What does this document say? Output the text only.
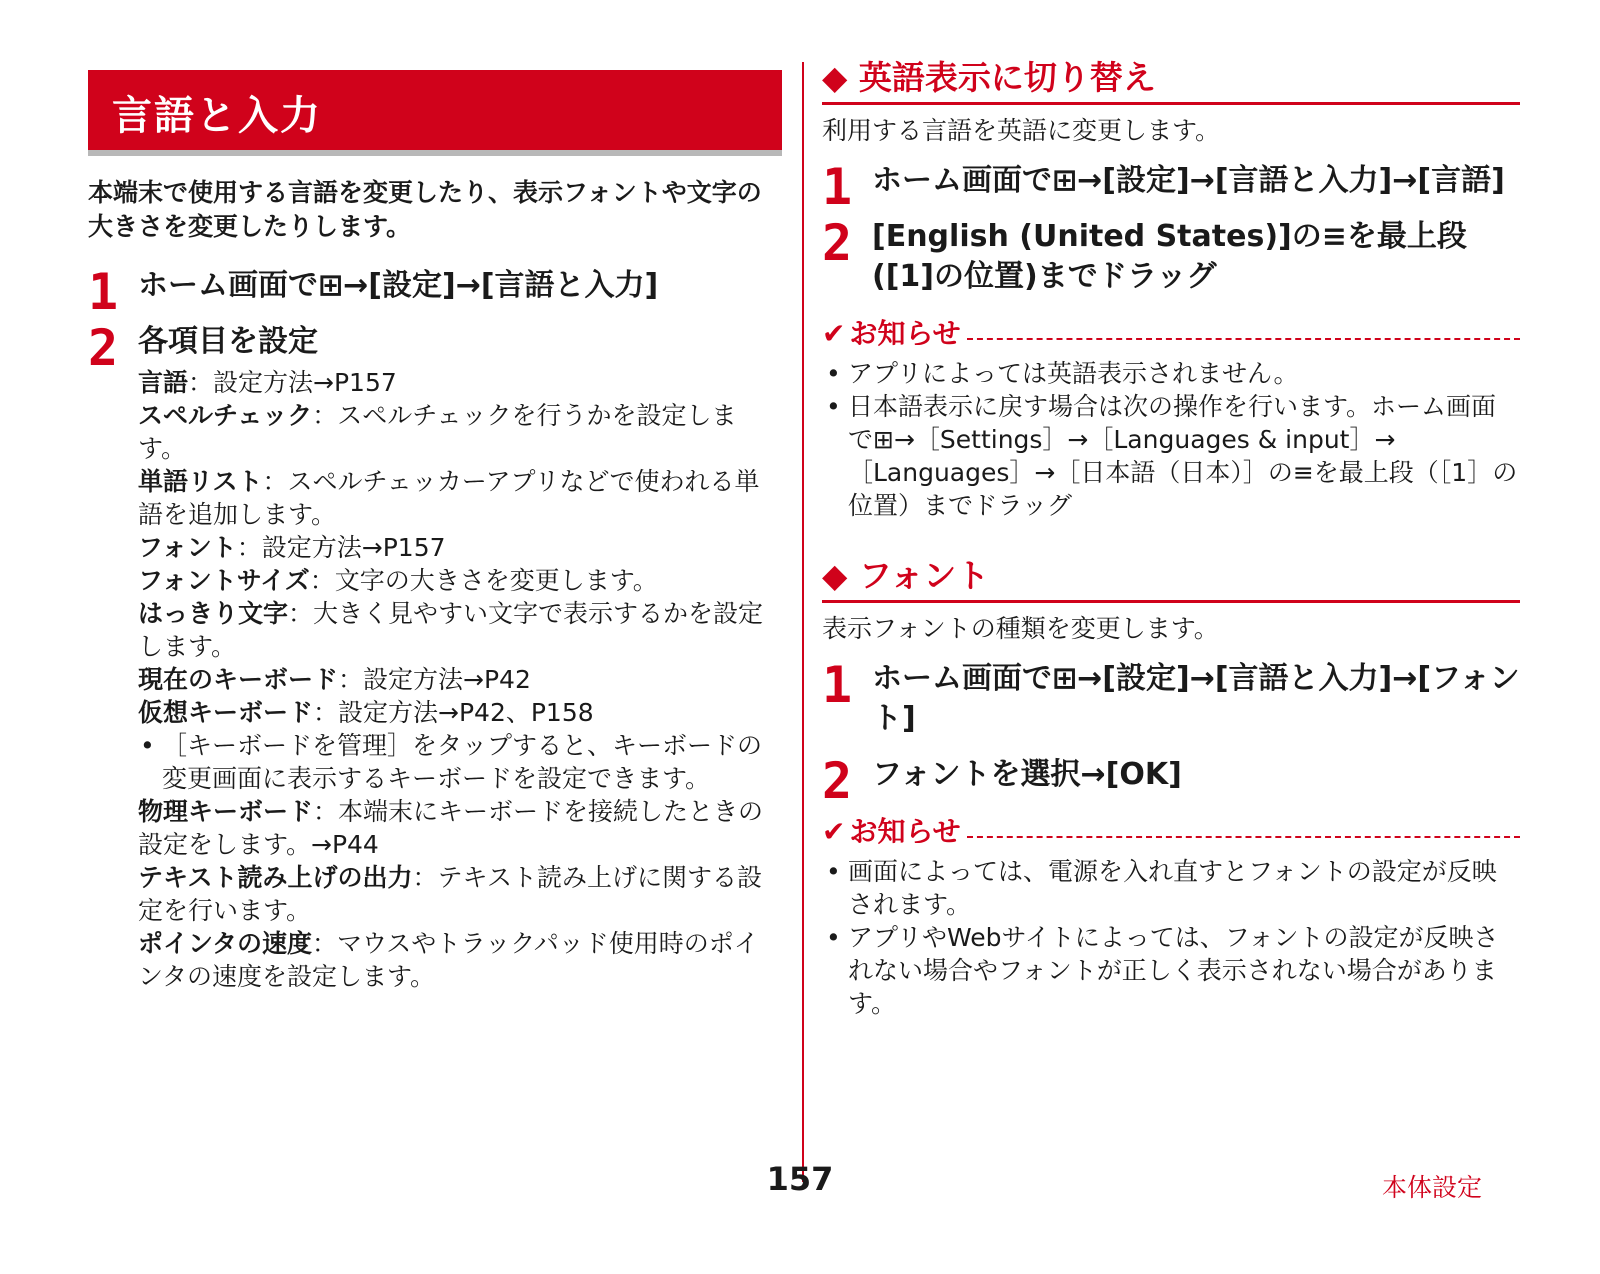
言語と入力
本端末で使用する言語を変更したり、表示フォントや文字の大きさを変更したりします。
1 ホーム画面で⊞→[設定]→[言語と入力]
2 各項目を設定

言語：設定方法→P157

スペルチェック：スペルチェックを行うかを設定します。

単語リスト：スペルチェッカーアプリなどで使われる単語を追加します。

フォント：設定方法→P157

フォントサイズ：文字の大きさを変更します。

はっきり文字：大きく見やすい文字で表示するかを設定します。

現在のキーボード：設定方法→P42

仮想キーボード：設定方法→P42、P158

• ［キーボードを管理］をタップすると、キーボードの変更画面に表示するキーボードを設定できます。

物理キーボード：本端末にキーボードを接続したときの設定をします。→P44

テキスト読み上げの出力：テキスト読み上げに関する設定を行います。

ポインタの速度：マウスやトラックパッド使用時のポインタの速度を設定します。

◆ 英語表示に切り替え
利用する言語を英語に変更します。
1 ホーム画面で⊞→[設定]→[言語と入力]→[言語]
2 [English (United States)]の≡を最上段([1]の位置)までドラッグ
✔ お知らせ
• アプリによっては英語表示されません。
• 日本語表示に戻す場合は次の操作を行います。ホーム画面で⊞→［Settings］→［Languages & input］→［Languages］→［日本語（日本）］の≡を最上段（［1］の位置）までドラッグ
◆ フォント
表示フォントの種類を変更します。
1 ホーム画面で⊞→[設定]→[言語と入力]→[フォント]
2 フォントを選択→[OK]
✔ お知らせ
• 画面によっては、電源を入れ直すとフォントの設定が反映されます。
• アプリやWebサイトによっては、フォントの設定が反映されない場合やフォントが正しく表示されない場合があります。
157	本体設定
